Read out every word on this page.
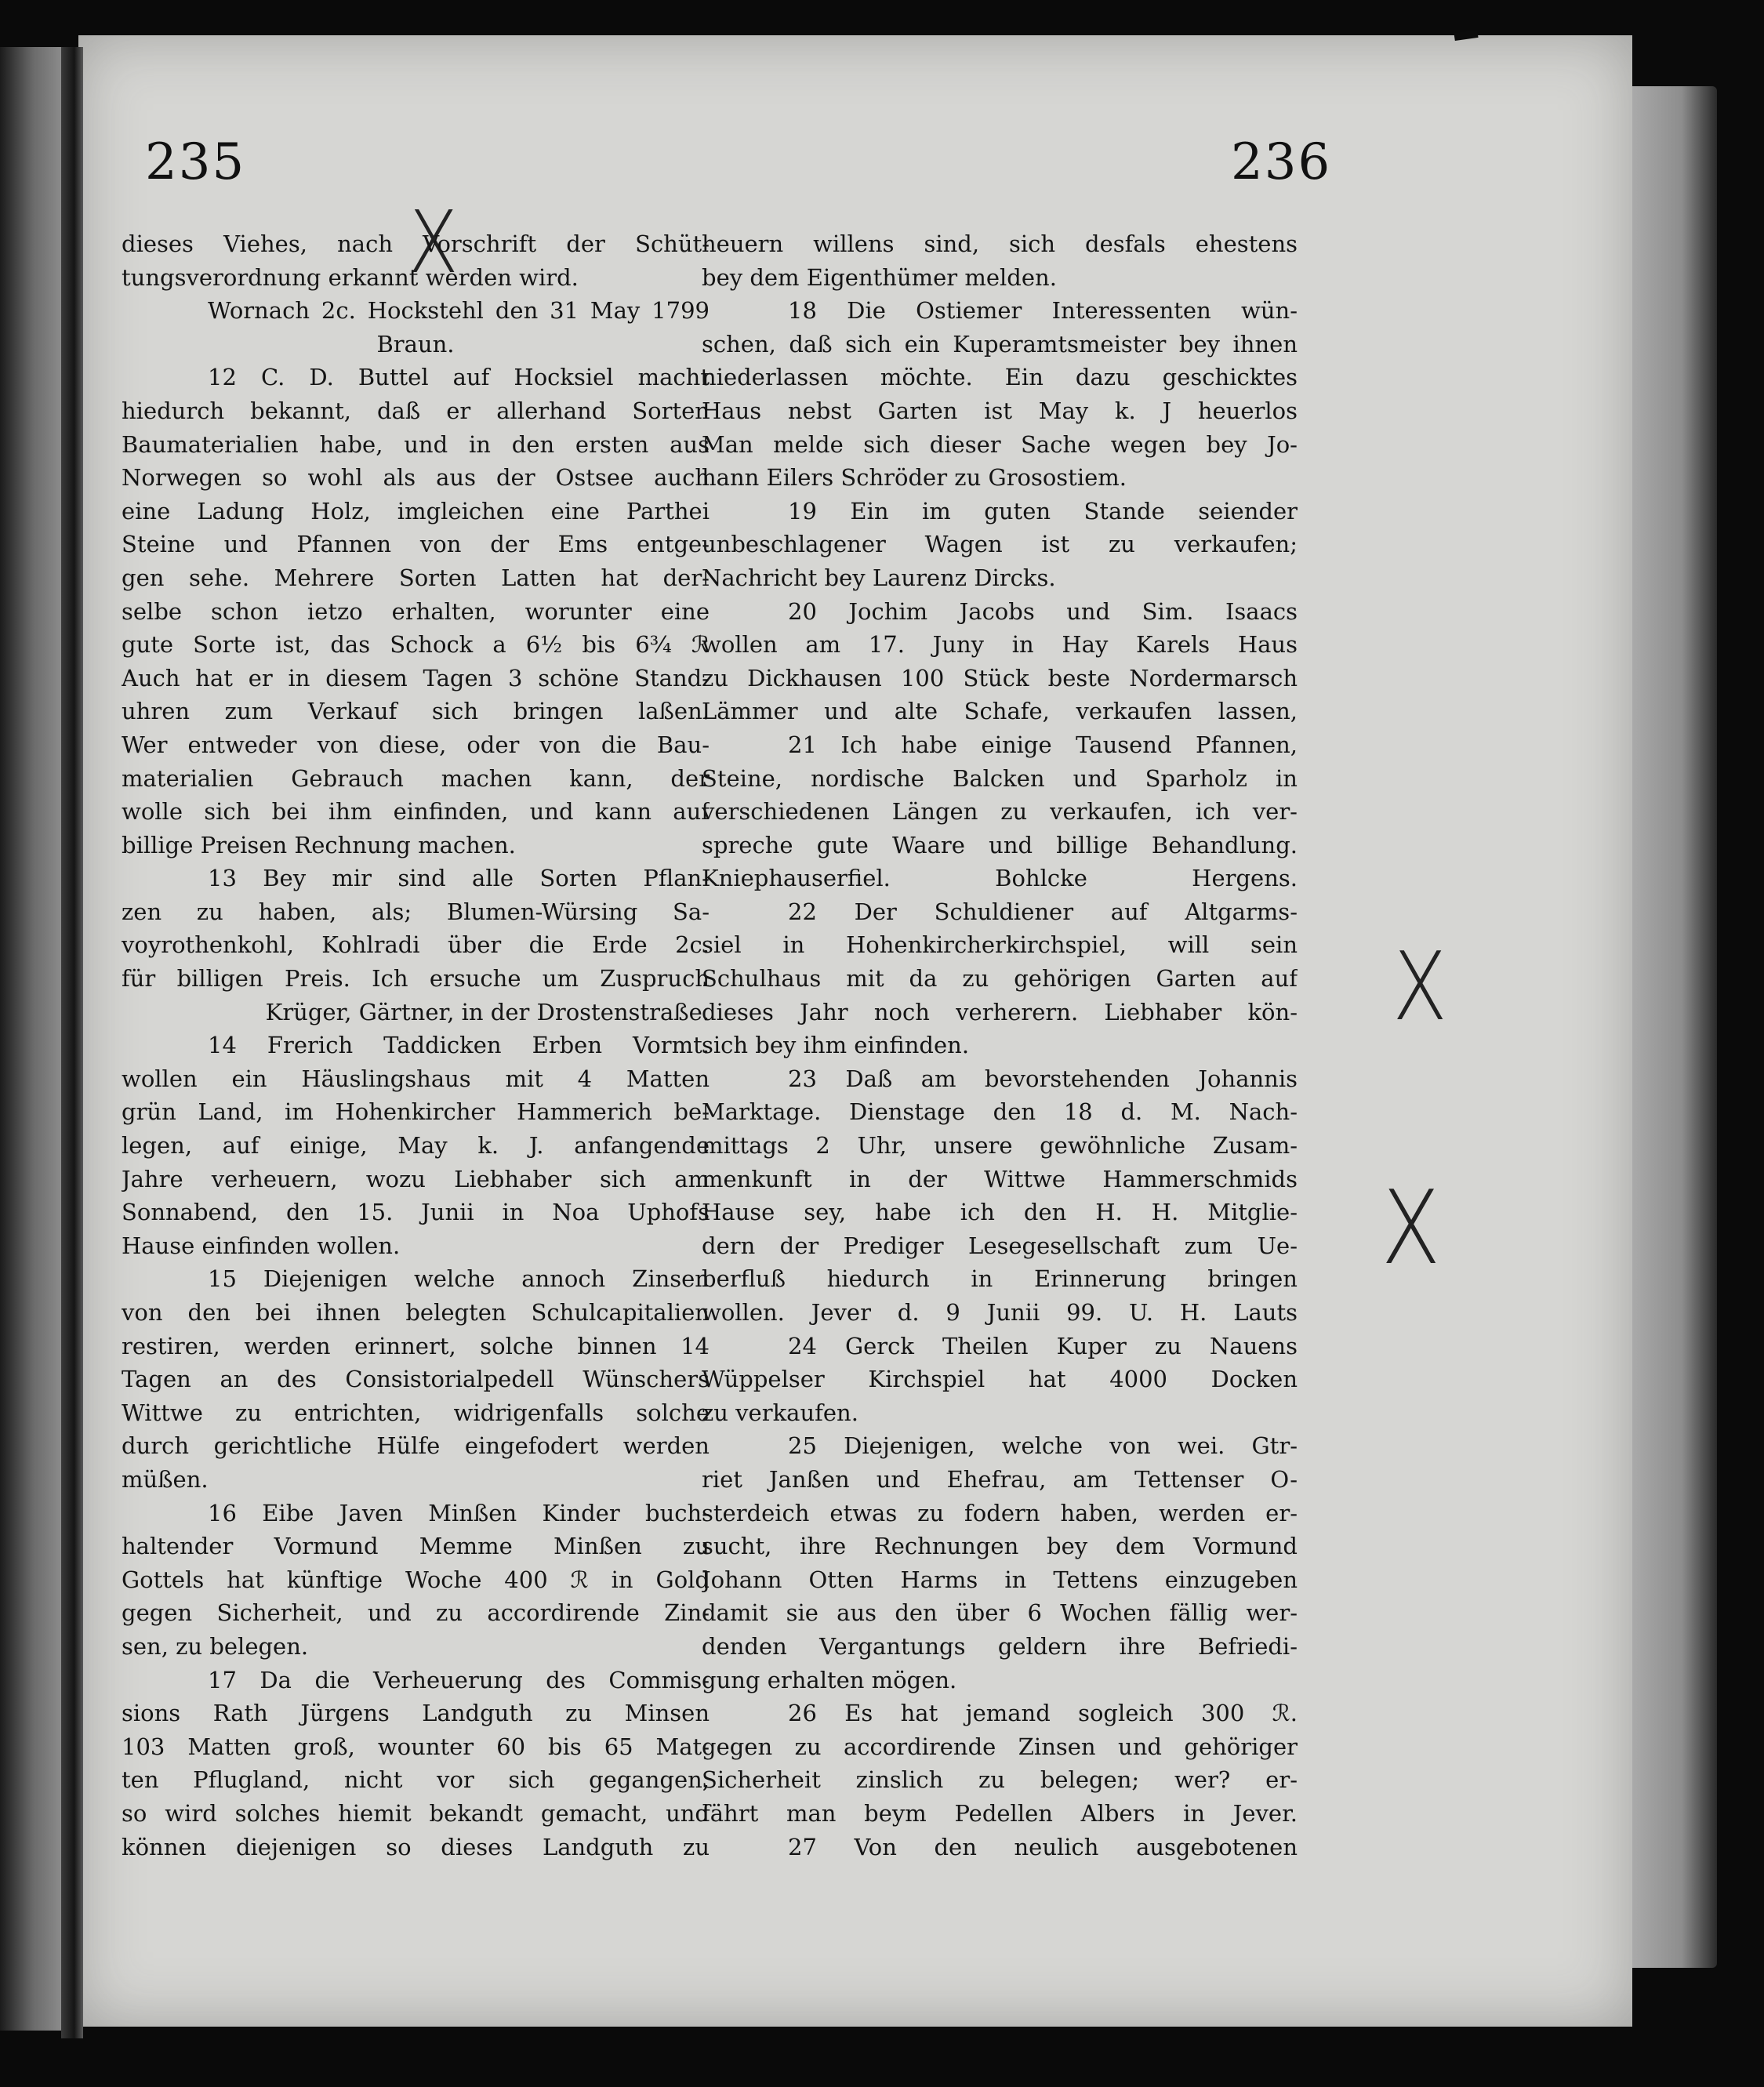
235	236
X
X
X
dieses Viehes, nach Vorschrift der Schüt-
tungsverordnung erkannt werden wird.
Wornach 2c. Hockstehl den 31 May 1799
Braun.
12 C. D. Buttel auf Hocksiel macht
hiedurch bekannt, daß er allerhand Sorten
Baumaterialien habe, und in den ersten aus
Norwegen so wohl als aus der Ostsee auch
eine Ladung Holz, imgleichen eine Parthei
Steine und Pfannen von der Ems entge-
gen sehe. Mehrere Sorten Latten hat der-
selbe schon ietzo erhalten, worunter eine
gute Sorte ist, das Schock a 6½ bis 6¾ ℛ
Auch hat er in diesem Tagen 3 schöne Stand-
uhren zum Verkauf sich bringen laßen.
Wer entweder von diese, oder von die Bau-
materialien Gebrauch machen kann, der
wolle sich bei ihm einfinden, und kann auf
billige Preisen Rechnung machen.
13 Bey mir sind alle Sorten Pflan-
zen zu haben, als; Blumen-Würsing Sa-
voyrothenkohl, Kohlradi über die Erde 2c.
für billigen Preis. Ich ersuche um Zuspruch
Krüger, Gärtner, in der Drostenstraße.
14 Frerich Taddicken Erben Vormt.
wollen ein Häuslingshaus mit 4 Matten
grün Land, im Hohenkircher Hammerich be-
legen, auf einige, May k. J. anfangende
Jahre verheuern, wozu Liebhaber sich am
Sonnabend, den 15. Junii in Noa Uphofs
Hause einfinden wollen.
15 Diejenigen welche annoch Zinsen
von den bei ihnen belegten Schulcapitalien
restiren, werden erinnert, solche binnen 14
Tagen an des Consistorialpedell Wünschers
Wittwe zu entrichten, widrigenfalls solche
durch gerichtliche Hülfe eingefodert werden
müßen.
16 Eibe Javen Minßen Kinder buch-
haltender Vormund Memme Minßen zu
Gottels hat künftige Woche 400 ℛ in Gold
gegen Sicherheit, und zu accordirende Zin-
sen, zu belegen.
17 Da die Verheuerung des Commis-
sions Rath Jürgens Landguth zu Minsen
103 Matten groß, wounter 60 bis 65 Mat-
ten Pflugland, nicht vor sich gegangen,
so wird solches hiemit bekandt gemacht, und
können diejenigen so dieses Landguth zu
heuern willens sind, sich desfals ehestens
bey dem Eigenthümer melden.
18 Die Ostiemer Interessenten wün-
schen, daß sich ein Kuperamtsmeister bey ihnen
niederlassen möchte. Ein dazu geschicktes
Haus nebst Garten ist May k. J heuerlos
Man melde sich dieser Sache wegen bey Jo-
hann Eilers Schröder zu Grosostiem.
19 Ein im guten Stande seiender
unbeschlagener Wagen ist zu verkaufen;
Nachricht bey Laurenz Dircks.
20 Jochim Jacobs und Sim. Isaacs
wollen am 17. Juny in Hay Karels Haus
zu Dickhausen 100 Stück beste Nordermarsch
Lämmer und alte Schafe, verkaufen lassen,
21 Ich habe einige Tausend Pfannen,
Steine, nordische Balcken und Sparholz in
verschiedenen Längen zu verkaufen, ich ver-
spreche gute Waare und billige Behandlung.
Kniephauserfiel. Bohlcke Hergens.
22 Der Schuldiener auf Altgarms-
siel in Hohenkircherkirchspiel, will sein
Schulhaus mit da zu gehörigen Garten auf
dieses Jahr noch verherern. Liebhaber kön-
sich bey ihm einfinden.
23 Daß am bevorstehenden Johannis
Marktage. Dienstage den 18 d. M. Nach-
mittags 2 Uhr, unsere gewöhnliche Zusam-
menkunft in der Wittwe Hammerschmids
Hause sey, habe ich den H. H. Mitglie-
dern der Prediger Lesegesellschaft zum Ue-
berfluß hiedurch in Erinnerung bringen
wollen. Jever d. 9 Junii 99. U. H. Lauts
24 Gerck Theilen Kuper zu Nauens
Wüppelser Kirchspiel hat 4000 Docken
zu verkaufen.
25 Diejenigen, welche von wei. Gtr-
riet Janßen und Ehefrau, am Tettenser O-
sterdeich etwas zu fodern haben, werden er-
sucht, ihre Rechnungen bey dem Vormund
Johann Otten Harms in Tettens einzugeben
damit sie aus den über 6 Wochen fällig wer-
denden Vergantungs geldern ihre Befriedi-
gung erhalten mögen.
26 Es hat jemand sogleich 300 ℛ.
gegen zu accordirende Zinsen und gehöriger
Sicherheit zinslich zu belegen; wer? er-
fährt man beym Pedellen Albers in Jever.
27 Von den neulich ausgebotenen
